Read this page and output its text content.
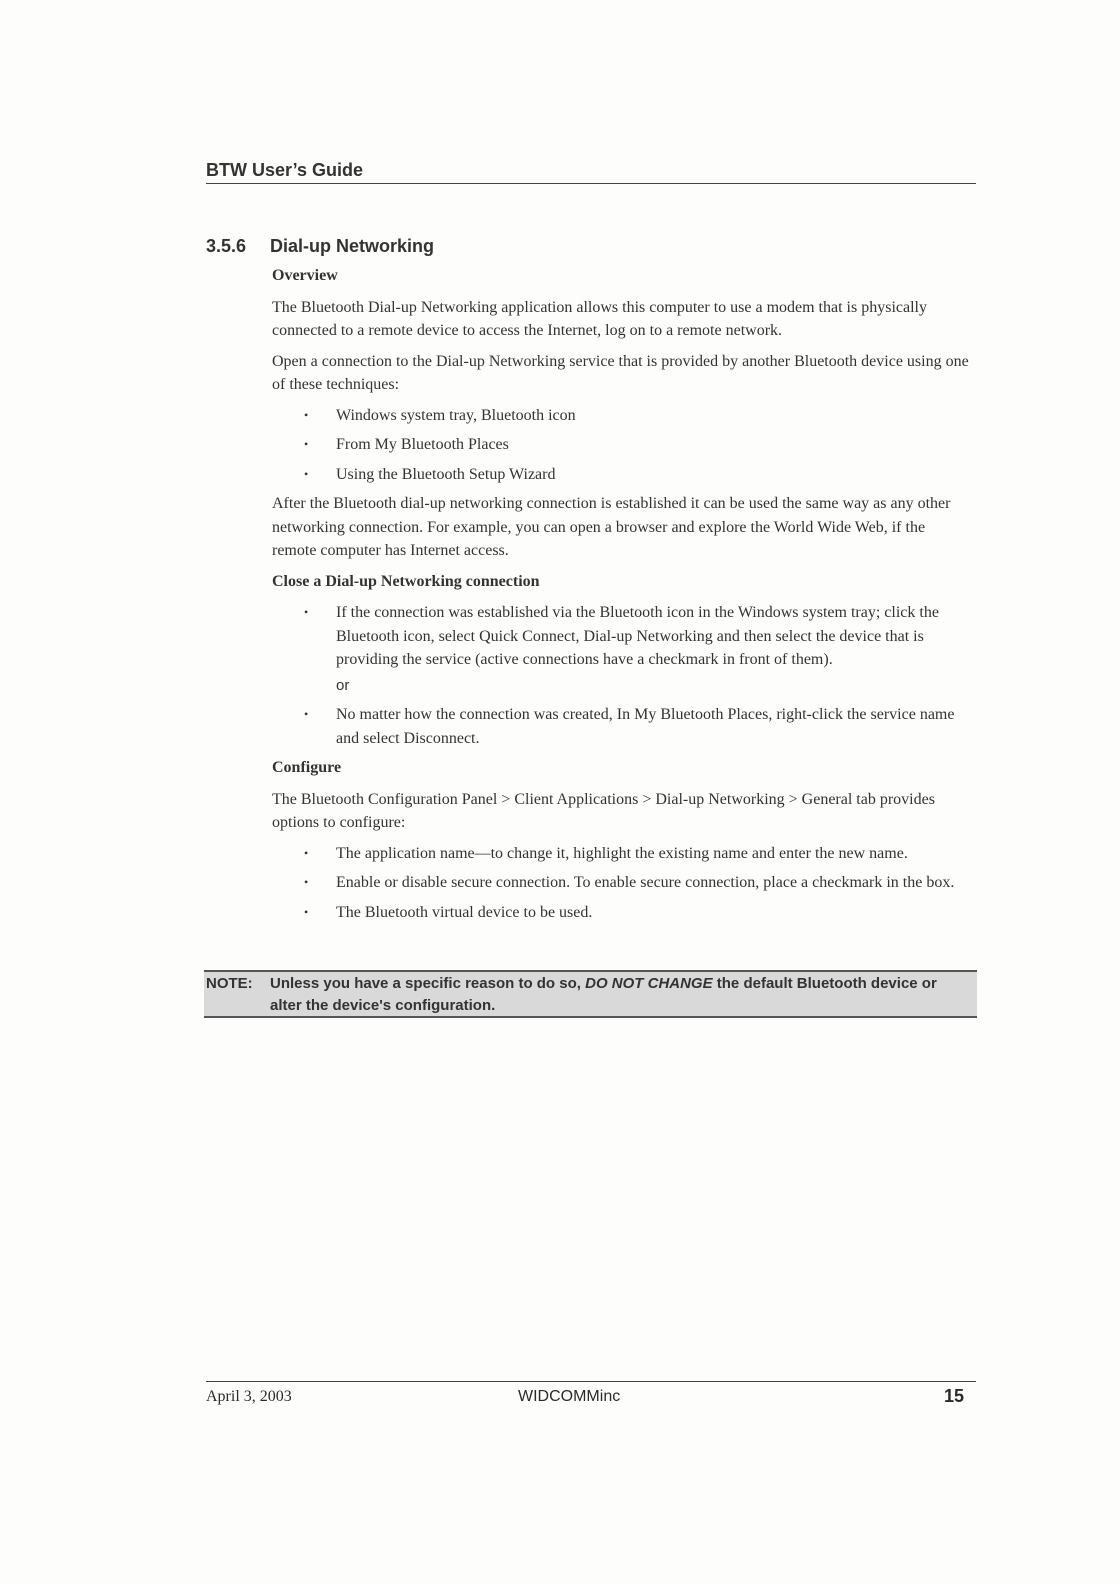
BTW User’s Guide
3.5.6 Dial-up Networking
Overview

The Bluetooth Dial-up Networking application allows this computer to use a modem that is physically connected to a remote device to access the Internet, log on to a remote network.

Open a connection to the Dial-up Networking service that is provided by another Bluetooth device using one of these techniques:

• Windows system tray, Bluetooth icon
• From My Bluetooth Places
• Using the Bluetooth Setup Wizard

After the Bluetooth dial-up networking connection is established it can be used the same way as any other networking connection. For example, you can open a browser and explore the World Wide Web, if the remote computer has Internet access.

Close a Dial-up Networking connection
• If the connection was established via the Bluetooth icon in the Windows system tray; click the Bluetooth icon, select Quick Connect, Dial-up Networking and then select the device that is providing the service (active connections have a checkmark in front of them).
or
• No matter how the connection was created, In My Bluetooth Places, right-click the service name and select Disconnect.
Configure

The Bluetooth Configuration Panel > Client Applications > Dial-up Networking > General tab provides options to configure:

• The application name—to change it, highlight the existing name and enter the new name.
• Enable or disable secure connection. To enable secure connection, place a checkmark in the box.
• The Bluetooth virtual device to be used.
NOTE: Unless you have a specific reason to do so, DO NOT CHANGE the default Bluetooth device or alter the device's configuration.
April 3, 2003	WIDCOMMinc	15
